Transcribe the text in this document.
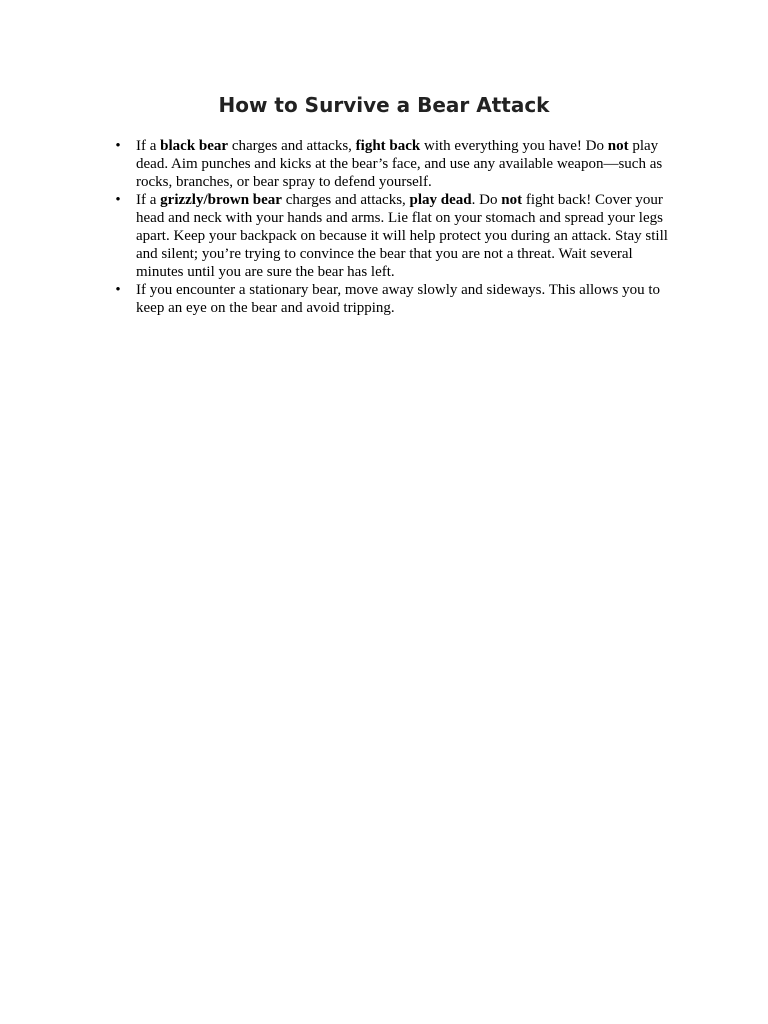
How to Survive a Bear Attack
• If a black bear charges and attacks, fight back with everything you have! Do not play dead. Aim punches and kicks at the bear’s face, and use any available weapon—such as rocks, branches, or bear spray to defend yourself.
• If a grizzly/brown bear charges and attacks, play dead. Do not fight back! Cover your head and neck with your hands and arms. Lie flat on your stomach and spread your legs apart. Keep your backpack on because it will help protect you during an attack. Stay still and silent; you’re trying to convince the bear that you are not a threat. Wait several minutes until you are sure the bear has left.
• If you encounter a stationary bear, move away slowly and sideways. This allows you to keep an eye on the bear and avoid tripping.
